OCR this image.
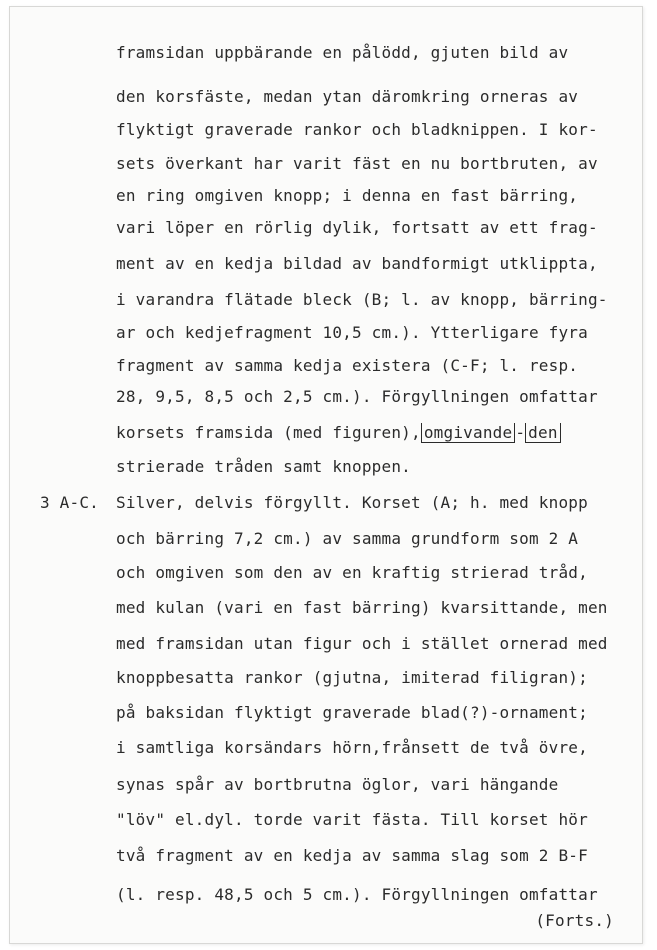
framsidan uppbärande en pålödd, gjuten bild av
den korsfäste, medan ytan däromkring orneras av
flyktigt graverade rankor och bladknippen. I kor-
sets överkant har varit fäst en nu bortbruten, av
en ring omgiven knopp; i denna en fast bärring,
vari löper en rörlig dylik, fortsatt av ett frag-
ment av en kedja bildad av bandformigt utklippta,
i varandra flätade bleck (B; l. av knopp, bärring-
ar och kedjefragment 10,5 cm.). Ytterligare fyra
fragment av samma kedja existera (C-F; l. resp.
28, 9,5, 8,5 och 2,5 cm.). Förgyllningen omfattar
korsets framsida (med figuren), omgivande - den
strierade tråden samt knoppen.
3 A-C. Silver, delvis förgyllt. Korset (A; h. med knopp
och bärring 7,2 cm.) av samma grundform som 2 A
och omgiven som den av en kraftig strierad tråd,
med kulan (vari en fast bärring) kvarsittande, men
med framsidan utan figur och i stället ornerad med
knoppbesatta rankor (gjutna, imiterad filigran);
på baksidan flyktigt graverade blad(?)-ornament;
i samtliga korsändars hörn,frånsett de två övre,
synas spår av bortbrutna öglor, vari hängande
"löv" el.dyl. torde varit fästa. Till korset hör
två fragment av en kedja av samma slag som 2 B-F
(l. resp. 48,5 och 5 cm.). Förgyllningen omfattar
(Forts.)
